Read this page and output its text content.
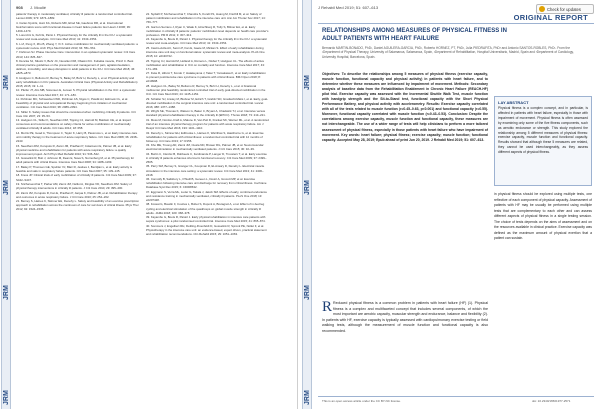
JRM
JRM
JRM
JRM
908 J. Moulié

patients' therapy in moderately ventilated, critically ill patients: a randomized controlled trial. Lancet 2009; 373: 1874–1882.

4. Carter-Nyoli E, Hunt KA, Roberts MD, Elrod SE, Gaebrow RR, et al. International bioinformatics score with functional disease in heart failure patients: Eur Heart J 2006; 39: 1469–1470.

5. Lorenzini G, Kuhl E, Parisi J. Physical therapy for the critically ill in the ICU: a systematic review and meta-analysis. Crit Care Med 2013; 41: 1543–1554.

6. Li Z, Peng X, Zhu B, Zhang Y, Xi X. Active mobilization for mechanically ventilated patients: a systematic review. Arch Phys Med Rehabil 2013; 94: 551–561.

7. Fishman SJ. Phase Intensive Care: intervention in an updated systematic review. Crit Care 2013; 144: 825–847.

8. Dencka SJ, Nikolic V, Behr JC, Nevellen DM, Obasini KC. Kubelka muscle, Prinzl C. Best clinical practice guidelines on the prevention and management of pain, agitation/sedation, delirium, immobility, and sleep disruption in adult patients in the ICU. Crit Care Med 2018; 46: e825–e873.

9. Hodgson C, Bellomo R, Berney S, Bailey M, Buhr H, Denehy L, et al. Physical activity and early rehabilitation in ICU patients. Australian Critical Care (Physical Activity and Rehabilitation) 2015; 2015; 19: 1–11.

10. Pfeifer JT, Alm MB, Sörensen E, Jensen S. Physical rehabilitation in the ICU: a systematic review. Intensive Care Med 2017; 43: 171–183.

11. Pohlman MC, Schweickert WD, Pohlman AS, Nigos C, Pawlik AJ, Esbrook CL, et al. Feasibility of physical and occupational therapy beginning from initiation of mechanical ventilation. Crit Care Med 2010; 38: 2089–2094.

12. Stiller K. Safety issues that should be considered when mobilizing critically ill patients. Crit Care Clin 2007; 23: 35–53.

13. Hodgson CL, Stiller K, Needham DM, Tipping CJ, Harrold M, Baldwin CE, et al. Expert consensus and recommendations on safety criteria for active mobilization of mechanically ventilated critically ill adults. Crit Care 2014; 18: 658.

14. Morris PE, Goad A, Thompson C, Taylor K, Harry B, Passmore L, et al. Early intensive care unit mobility therapy in the treatment of acute respiratory failure. Crit Care Med 2008; 36: 2238–2243.

15. Needham DM, Korupolu R, Zanni JM, Pradhan P, Colantuoni E, Palmer JB, et al. Early physical medicine and rehabilitation for patients with acute respiratory failure: a quality improvement project. Arch Phys Med Rehabil 2010; 91: 536–542.

16. Gosselink R, Bott J, Johnson M, Dean E, Nava S, Norrenberg M, et al. Physiotherapy for adult patients with critical illness. Intensive Care Med 2008; 34: 1188–1199.

17. Bailey P, Thomsen GE, Spuhler VJ, Blair R, Jewkes J, Bezdjian L, et al. Early activity is feasible and safe in respiratory failure patients. Crit Care Med 2007; 35: 139–145.

18. Kress JP. Clinical trials of early mobilization of critically ill patients. Crit Care Med 2009; 37: S442–S447.

19. Sricharoenchai T, Parker AM, Zanni JM, Nelliot A, Dinglas VD, Needham DM. Safety of physical therapy interventions in critically ill patients. J Crit Care 2014; 29: 395–400.

20. Zanni JM, Korupolu R, Fan E, Pradhan P, Janjua K, Palmer JB, et al. Rehabilitation therapy and outcomes in acute respiratory failure. J Crit Care 2010; 25: 254–262.

21. Berney S, Haines K, Skinner EH, Denehy L. Safety and feasibility of an exercise prescription approach to rehabilitation across the continuum of care for survivors of critical illness. Phys Ther 2012; 92: 1524–1535.

22. Nydahl P, Sricharoenchai T, Chandra S, Kundt FS, Huang M, Fischill M, et al. Safety of patient mobilization and rehabilitation in the intensive care unit. Ann Am Thorac Soc 2017; 14: 766–777.

23. Garzon-Serrano J, Ryan C, Waak K, Hirschberg R, Tully S, Bittner EA, et al. Early mobilization in critically ill patients: patients' mobilization level depends on health care provider's profession. PM R 2011; 3: 307–313.

24. Kayambu G, Boots R, Paratz J. Physical therapy for the critically ill in the ICU: a systematic review and meta-analysis. Crit Care Med 2013; 41: 1543–1554.

25. Castro-Avila AC, Serón P, Fan E, Gaete M, Mickan S. Effect of early rehabilitation during intensive care unit stay on functional status: systematic review and meta-analysis. PLoS One 2015; 10: e0130722.

26. Tipping CJ, Harrold M, Holland A, Romero L, Nisbet T, Hodgson CL. The effects of active mobilisation and rehabilitation in ICU on mortality and function. Intensive Care Med 2017; 43: 171–183.

27. Fuke R, Hifumi T, Kondo Y, Hatakeyama J, Takei T, Yamakawa K, et al. Early rehabilitation to prevent postintensive care syndrome in patients with critical illness. BMJ Open 2018; 8: e019998.

28. Hodgson CL, Bailey M, Bellomo R, Berney S, Buhr H, Denehy L, et al. A binational multicenter pilot feasibility randomized controlled trial of early goal-directed mobilization in the ICU. Crit Care Med 2016; 44: 1145–1152.

29. Schaller SJ, Anstey M, Blobner M, Edrich T, Grabitz SD, Gradwohl-Matis I, et al. Early, goal-directed mobilisation in the surgical intensive care unit: a randomised controlled trial. Lancet 2016; 388: 1377–1388.

30. Wright SE, Thomas K, Watson G, Baker C, Bryant A, Chadwick TJ, et al. Intensive versus standard physical rehabilitation therapy in the critically ill (EPICC). Thorax 2018; 73: 213–221.

31. Moss M, Nordon-Craft A, Malone D, Van Pelt D, Frankel SK, Warner ML, et al. A randomized trial of an intensive physical therapy program for patients with acute respiratory failure. Am J Respir Crit Care Med 2016; 193: 1101–1110.

32. Denehy L, Skinner EH, Edbrooke L, Haines K, Warrillow S, Hawthorne G, et al. Exercise rehabilitation for patients with critical illness: a randomized controlled trial with 12 months of follow-up. Crit Care 2013; 17: R156.

33. Kho ME, Truong AD, Zanni JM, Ciesla ND, Brower RG, Palmer JB, et al. Neuromuscular electrical stimulation in mechanically ventilated patients. J Crit Care 2015; 30: 32–39.

34. Burtin C, Clerckx B, Robbeets C, Ferdinande P, Langer D, Troosters T, et al. Early exercise in critically ill patients enhances short-term functional recovery. Crit Care Med 2009; 37: 2499–2505.

35. Parry SM, Berney S, Granger CL, Koopman R, El-Ansary D, Denehy L. Electrical muscle stimulation in the intensive care setting: a systematic review. Crit Care Med 2013; 41: 2406–2418.

36. Connolly B, Salisbury L, O'Neill B, Geneen L, Douiri A, Grocott MP, et al. Exercise rehabilitation following intensive care unit discharge for recovery from critical illness. Cochrane Database Syst Rev 2015; 6: CD008632.

37. Eggmann S, Verra ML, Luder G, Takala J, Jakob SM. Effects of early, combined endurance and resistance training in mechanically ventilated, critically ill patients. PLoS One 2018; 13: e0207428.

38. Fossat G, Baudin F, Courtes L, Bobet S, Dupont A, Bretagnol A, et al. Effect of in-bed leg cycling and electrical stimulation of the quadriceps on global muscle strength in critically ill adults. JAMA 2018; 320: 368–378.

39. Kayambu G, Boots R, Paratz J. Early physical rehabilitation in intensive care patients with sepsis syndromes: a pilot randomised controlled trial. Intensive Care Med 2015; 41: 865–874.

40. Sommers J, Engelbert RH, Dettling-Ihnenfeldt D, Gosselink R, Spronk PE, Nollet F, et al. Physiotherapy in the intensive care unit: an evidence-based, expert driven, practical statement and rehabilitation recommendations. Clin Rehabil 2015; 29: 1051–1063.

JRM
JRM
JRM
JRM
J Rehabil Med 2019; 51: 607–613	Check for updates
ORIGINAL REPORT
RELATIONSHIPS AMONG MEASURES OF PHYSICAL FITNESS IN ADULT PATIENTS WITH HEART FAILURE
Bernardo MARTIN-BONADO, PhD¹, Daniel AGUILERA-GARCIA, PhD¹, Roberto HORNEZ, PT, PhD², Julia PIEDRAFITA, PhD³ and Antonio SANTOS-ROBLES, PhD¹. From the ¹Department of Physical Therapy, University of Salamanca, Salamanca, Spain, ²Department of Rehabilitation, Hospital Universitario, Madrid, Spain and ³Department of Cardiology, University Hospital, Barcelona, Spain.
Objectives: To describe the relationships among 5 measures of physical fitness (exercise capacity, muscle function, functional capacity and physical activity) in patients with heart failure, and to determine whether these measures are influenced by impairment of movement. Methods: Secondary analysis of baseline data from the Rehabilitation Enablement in Chronic Heart Failure (REACH-HF) pilot trial. Exercise capacity was assessed with the Incremental Shuttle Walk Test, muscle function with handgrip strength and the Sit-to-Stand test, functional capacity with the Short Physical Performance Battery, and physical activity with accelerometry. Results: Exercise capacity correlated with all of the tests related to muscle function (r=0.45–0.63, p<0.001) and functional capacity (r=0.55). Moreover, functional capacity correlated with muscle function (r=0.43–0.53). Conclusion: Despite the correlations among exercise capacity, muscle function and functional capacity, these measures are not interchangeable. The use of a wider range of tests will help clinicians to perform a more tailored assessment of physical fitness, especially in those patients with heart failure who have impairment of movement. Key words: heart failure; physical fitness; exercise capacity; muscle function; functional capacity. Accepted May 28, 2019; Epub ahead of print Jun 20, 2019. J Rehabil Med 2019; 51: 607–613.
LAY ABSTRACT

Physical fitness is a complex concept, and in particular, is affected in patients with heart failure, especially in those with impairment of movement. Physical fitness is often assessed by examining only some of the five fitness components, such as aerobic endurance or strength. This study explored the relationship among 5 different measures of physical fitness: exercise capacity, muscle function and functional capacity. Results showed that although these 5 measures are related, they cannot be used interchangeably, as they assess different aspects of physical fitness.

R Reduced physical fitness is a common problem in patients with heart failure (HF) (1). Physical fitness is a complex and multifaceted concept that includes several components, of which the most important are aerobic capacity, muscular strength and endurance, balance and flexibility (2). In patients with HF, exercise capacity is typically assessed with cardiopulmonary exercise testing or field walking tests, although the measurement of muscle function and functional capacity is also recommended.
in physical fitness should be explored using multiple tests, one reflective of each component of physical capacity. Assessment of patients with HF may be usually be performed using multiple tests that are complementary to each other and can assess different aspects of physical fitness in a single testing session. The choice of tests depends on the aims of assessment and on the resources available in clinical practice. Exercise capacity was defined as the maximum amount of physical exertion that a patient can sustain.
This is an open access article under the CC BY-NC license.	doi: 10.2340/16501977-2571
